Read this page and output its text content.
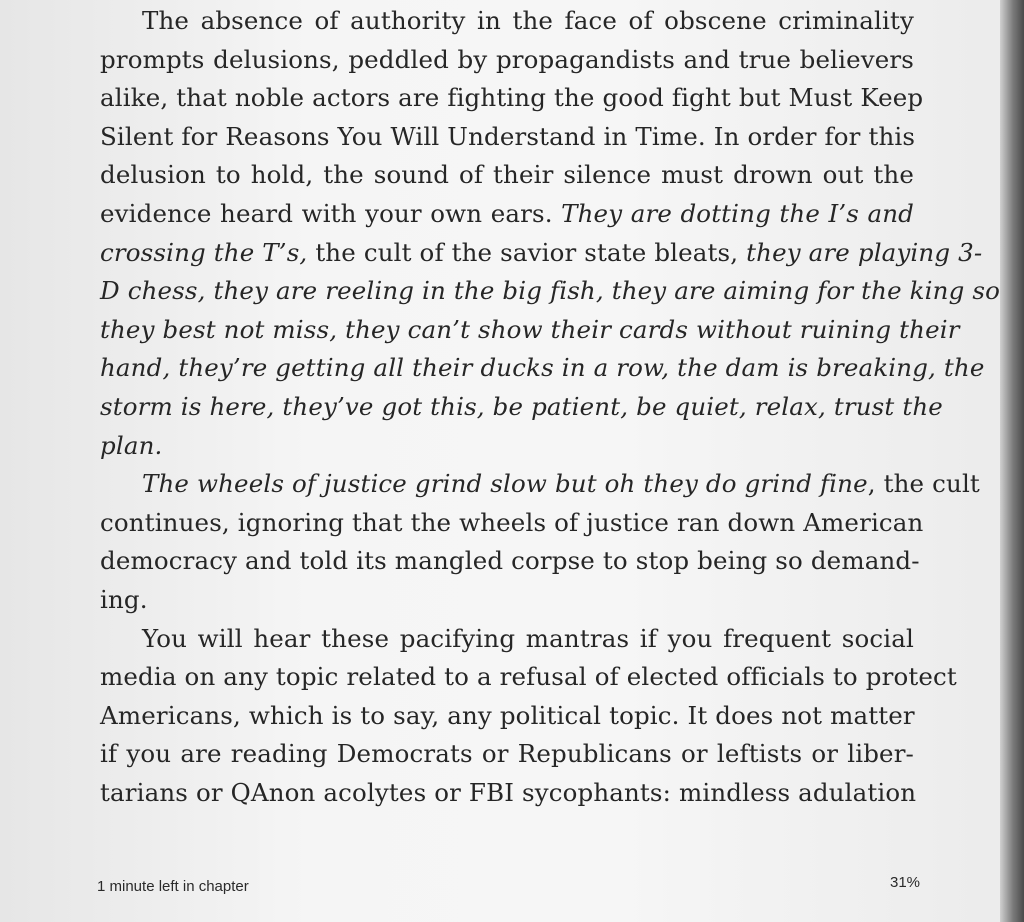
The absence of authority in the face of obscene criminality
prompts delusions, peddled by propagandists and true believers
alike, that noble actors are fighting the good fight but Must Keep
Silent for Reasons You Will Understand in Time. In order for this
delusion to hold, the sound of their silence must drown out the
evidence heard with your own ears. They are dotting the I’s and
crossing the T’s, the cult of the savior state bleats, they are playing 3-
D chess, they are reeling in the big fish, they are aiming for the king so
they best not miss, they can’t show their cards without ruining their
hand, they’re getting all their ducks in a row, the dam is breaking, the
storm is here, they’ve got this, be patient, be quiet, relax, trust the
plan.
The wheels of justice grind slow but oh they do grind fine, the cult
continues, ignoring that the wheels of justice ran down American
democracy and told its mangled corpse to stop being so demand-
ing.
You will hear these pacifying mantras if you frequent social
media on any topic related to a refusal of elected officials to protect
Americans, which is to say, any political topic. It does not matter
if you are reading Democrats or Republicans or leftists or liber-
tarians or QAnon acolytes or FBI sycophants: mindless adulation
1 minute left in chapter	31%
